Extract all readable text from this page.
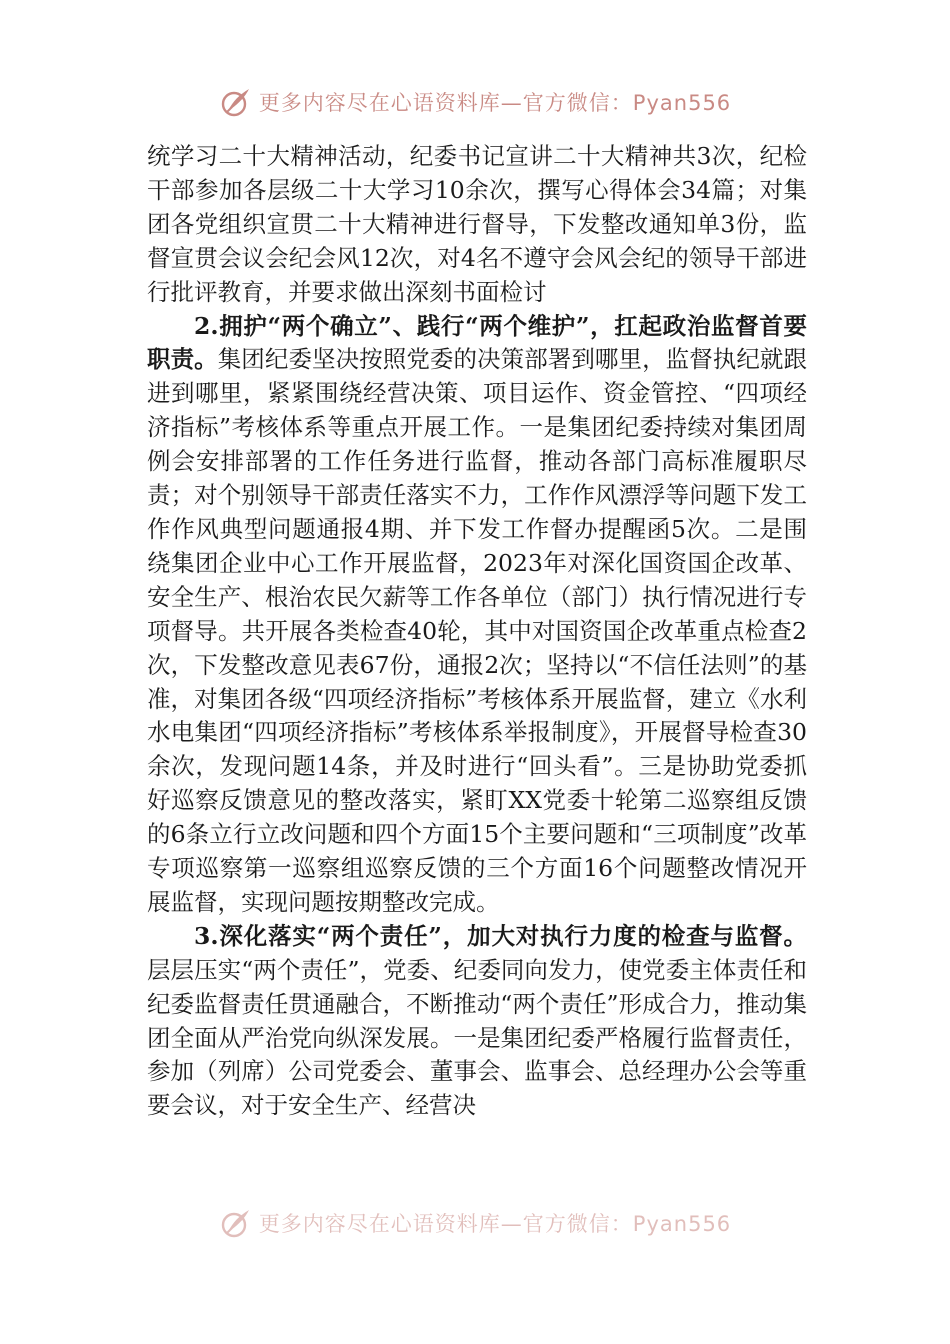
更多内容尽在心语资料库—官方微信：Pyan556

统学习二十大精神活动，纪委书记宣讲二十大精神共3次，纪检干部参加各层级二十大学习10余次，撰写心得体会34篇；对集团各党组织宣贯二十大精神进行督导，下发整改通知单3份，监督宣贯会议会纪会风12次，对4名不遵守会风会纪的领导干部进行批评教育，并要求做出深刻书面检讨

2.拥护“两个确立”、践行“两个维护”，扛起政治监督首要职责。集团纪委坚决按照党委的决策部署到哪里，监督执纪就跟进到哪里，紧紧围绕经营决策、项目运作、资金管控、“四项经济指标”考核体系等重点开展工作。一是集团纪委持续对集团周例会安排部署的工作任务进行监督，推动各部门高标准履职尽责；对个别领导干部责任落实不力，工作作风漂浮等问题下发工作作风典型问题通报4期、并下发工作督办提醒函5次。二是围绕集团企业中心工作开展监督，2023年对深化国资国企改革、安全生产、根治农民欠薪等工作各单位（部门）执行情况进行专项督导。共开展各类检查40轮，其中对国资国企改革重点检查2次，下发整改意见表67份，通报2次；坚持以“不信任法则”的基准，对集团各级“四项经济指标”考核体系开展监督，建立《水利水电集团“四项经济指标”考核体系举报制度》，开展督导检查30余次，发现问题14条，并及时进行“回头看”。三是协助党委抓好巡察反馈意见的整改落实，紧盯XX党委十轮第二巡察组反馈的6条立行立改问题和四个方面15个主要问题和“三项制度”改革专项巡察第一巡察组巡察反馈的三个方面16个问题整改情况开展监督，实现问题按期整改完成。

3.深化落实“两个责任”，加大对执行力度的检查与监督。层层压实“两个责任”，党委、纪委同向发力，使党委主体责任和纪委监督责任贯通融合，不断推动“两个责任”形成合力，推动集团全面从严治党向纵深发展。一是集团纪委严格履行监督责任，参加（列席）公司党委会、董事会、监事会、总经理办公会等重要会议，对于安全生产、经营决

更多内容尽在心语资料库—官方微信：Pyan556
